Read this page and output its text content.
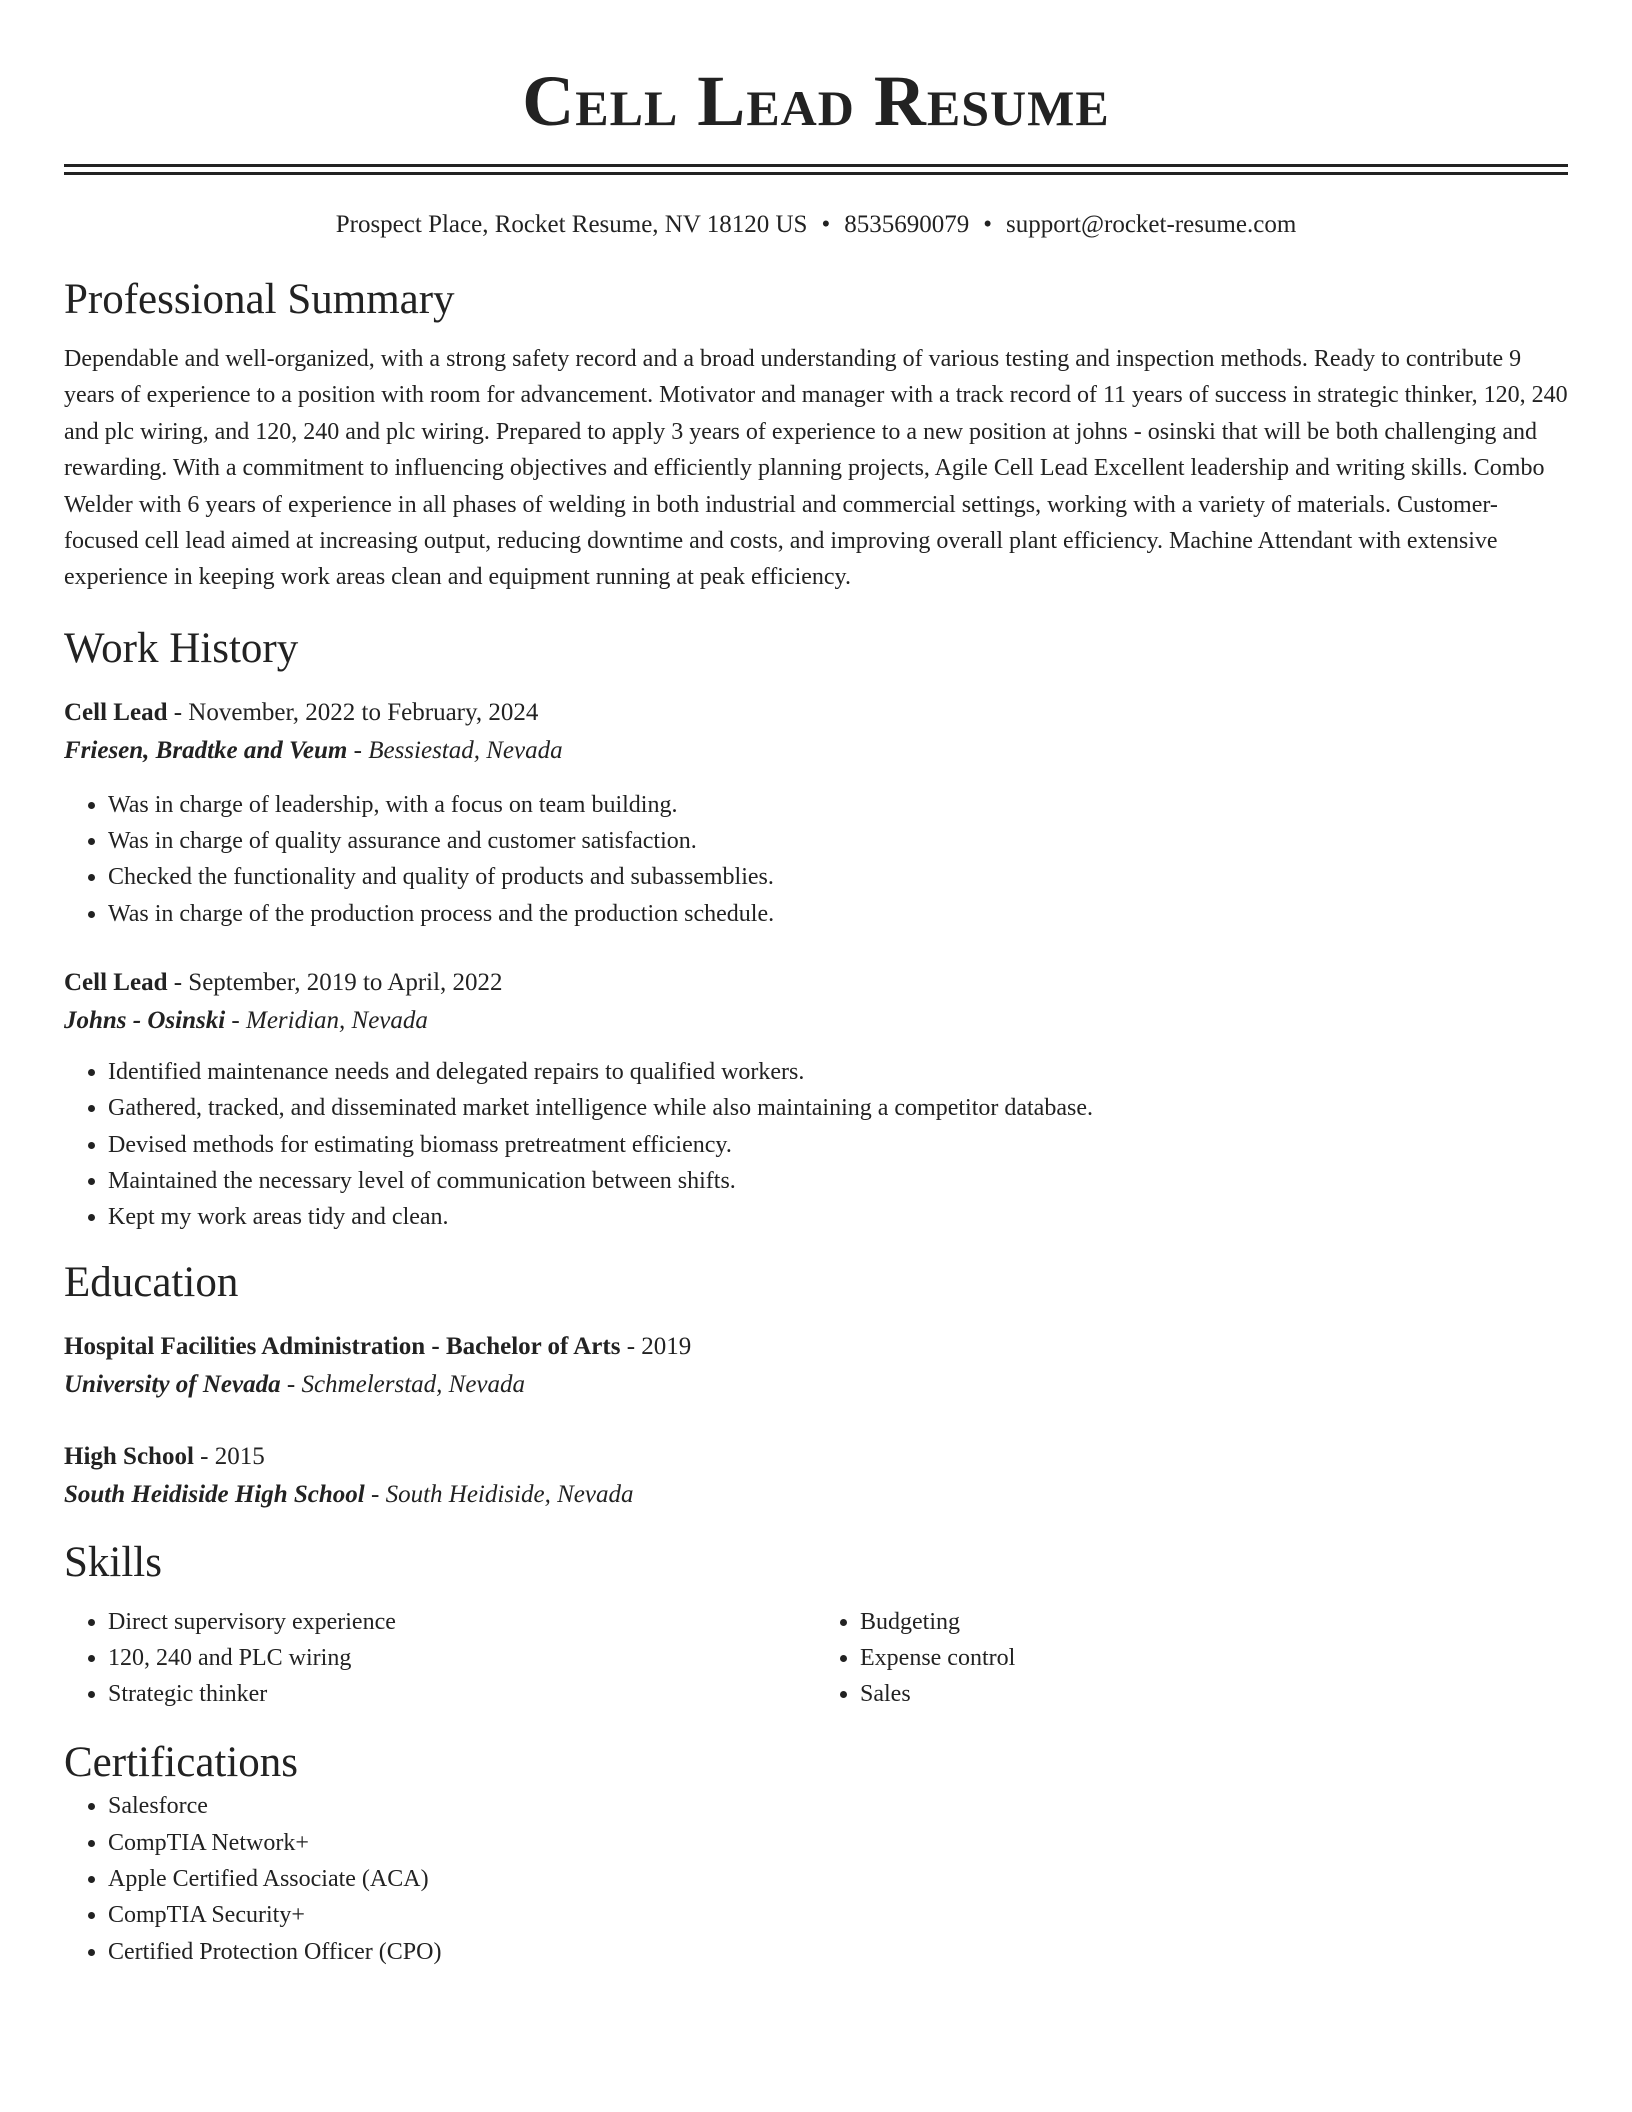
Cell Lead Resume
Prospect Place, Rocket Resume, NV 18120 US • 8535690079 • support@rocket-resume.com
Professional Summary
Dependable and well-organized, with a strong safety record and a broad understanding of various testing and inspection methods. Ready to contribute 9 years of experience to a position with room for advancement. Motivator and manager with a track record of 11 years of success in strategic thinker, 120, 240 and plc wiring, and 120, 240 and plc wiring. Prepared to apply 3 years of experience to a new position at johns - osinski that will be both challenging and rewarding. With a commitment to influencing objectives and efficiently planning projects, Agile Cell Lead Excellent leadership and writing skills. Combo Welder with 6 years of experience in all phases of welding in both industrial and commercial settings, working with a variety of materials. Customer-focused cell lead aimed at increasing output, reducing downtime and costs, and improving overall plant efficiency. Machine Attendant with extensive experience in keeping work areas clean and equipment running at peak efficiency.
Work History
Cell Lead - November, 2022 to February, 2024
Friesen, Bradtke and Veum - Bessiestad, Nevada
• Was in charge of leadership, with a focus on team building.
• Was in charge of quality assurance and customer satisfaction.
• Checked the functionality and quality of products and subassemblies.
• Was in charge of the production process and the production schedule.
Cell Lead - September, 2019 to April, 2022
Johns - Osinski - Meridian, Nevada
• Identified maintenance needs and delegated repairs to qualified workers.
• Gathered, tracked, and disseminated market intelligence while also maintaining a competitor database.
• Devised methods for estimating biomass pretreatment efficiency.
• Maintained the necessary level of communication between shifts.
• Kept my work areas tidy and clean.
Education
Hospital Facilities Administration - Bachelor of Arts - 2019
University of Nevada - Schmelerstad, Nevada
High School - 2015
South Heidiside High School - South Heidiside, Nevada
Skills
• Direct supervisory experience
• 120, 240 and PLC wiring
• Strategic thinker
• Budgeting
• Expense control
• Sales
Certifications
• Salesforce
• CompTIA Network+
• Apple Certified Associate (ACA)
• CompTIA Security+
• Certified Protection Officer (CPO)
